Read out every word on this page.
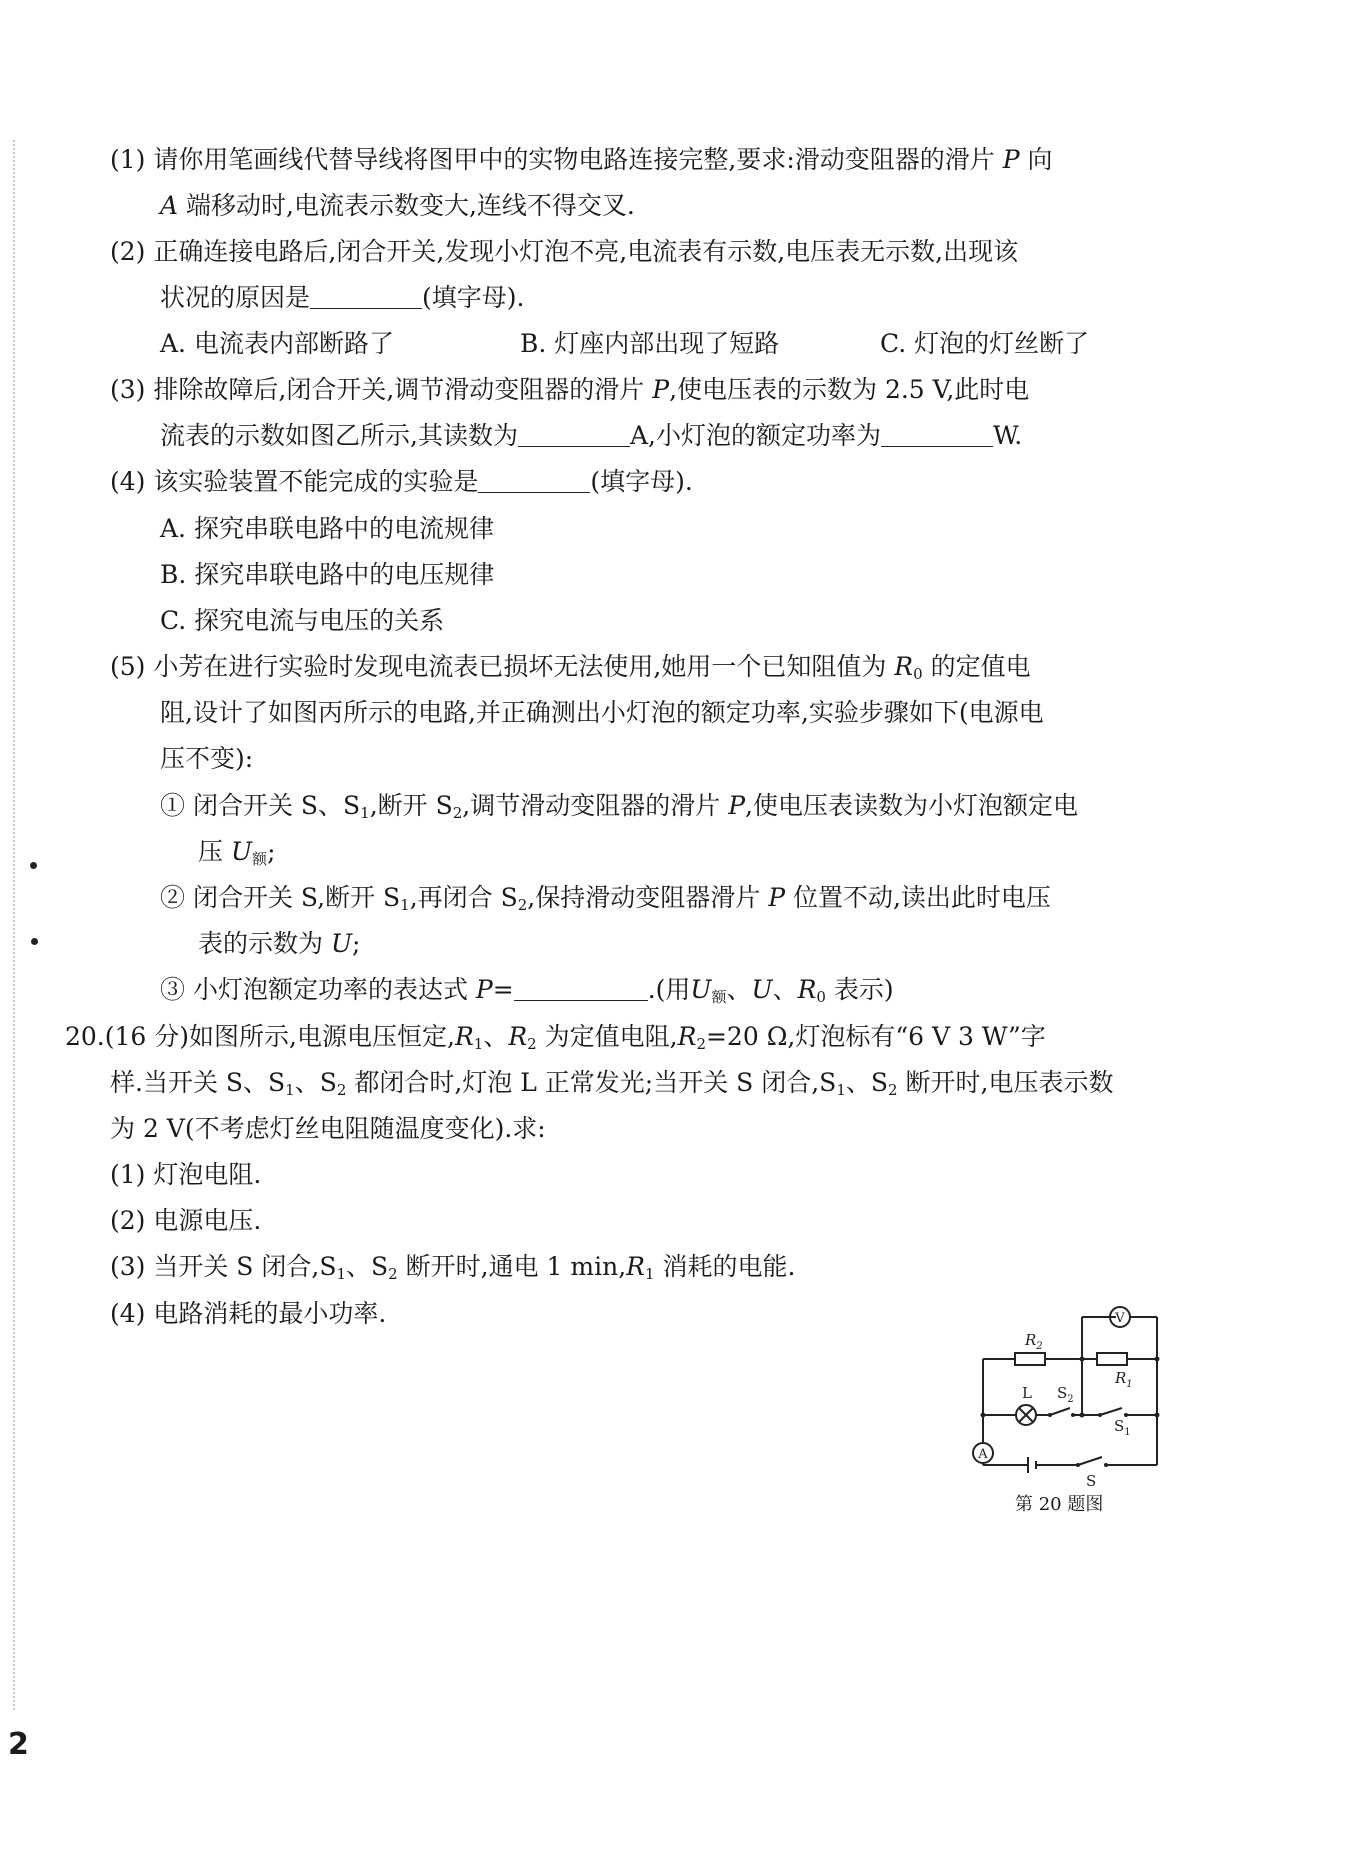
(1) 请你用笔画线代替导线将图甲中的实物电路连接完整,要求:滑动变阻器的滑片 P 向
A 端移动时,电流表示数变大,连线不得交叉.
(2) 正确连接电路后,闭合开关,发现小灯泡不亮,电流表有示数,电压表无示数,出现该
状况的原因是	(填字母).
A. 电流表内部断路了	B. 灯座内部出现了短路	C. 灯泡的灯丝断了
(3) 排除故障后,闭合开关,调节滑动变阻器的滑片 P,使电压表的示数为 2.5 V,此时电
流表的示数如图乙所示,其读数为	A,小灯泡的额定功率为	W.
(4) 该实验装置不能完成的实验是	(填字母).
A. 探究串联电路中的电流规律
B. 探究串联电路中的电压规律
C. 探究电流与电压的关系
(5) 小芳在进行实验时发现电流表已损坏无法使用,她用一个已知阻值为 $R_0$ 的定值电
阻,设计了如图丙所示的电路,并正确测出小灯泡的额定功率,实验步骤如下(电源电
压不变):
① 闭合开关 S、$S_1$,断开 $S_2$,调节滑动变阻器的滑片 P,使电压表读数为小灯泡额定电
压 $U_额$;
② 闭合开关 S,断开 $S_1$,再闭合 $S_2$,保持滑动变阻器滑片 P 位置不动,读出此时电压
表的示数为 U;
③ 小灯泡额定功率的表达式 P=	.(用$U_额$、U、$R_0$ 表示)
20.(16 分)如图所示,电源电压恒定$,R_1$、$R_2$ 为定值电阻$,R_2=20$ Ω,灯泡标有“6 V 3 W”字
样.当开关 S、$S_1$、$S_2$ 都闭合时,灯泡 L 正常发光;当开关 S 闭合$,S_1$、$S_2$ 断开时,电压表示数
为 2 V(不考虑灯丝电阻随温度变化).求:
(1) 灯泡电阻.
(2) 电源电压.
(3) 当开关 S 闭合$,S_1$、$S_2$ 断开时,通电 1 $\min,R_1$ 消耗的电能.
(4) 电路消耗的最小功率.	V
A
$R_2$
$R_1$
L $S_2$
$S_1$
S
第 20 题图
2
